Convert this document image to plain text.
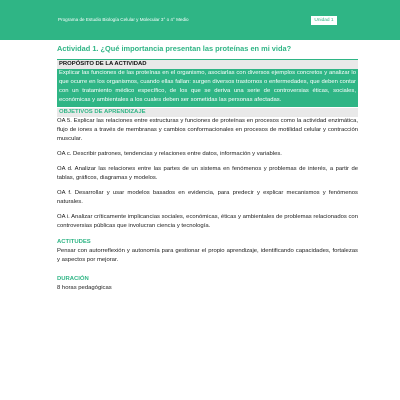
Programa de Estudio Biología Celular y Molecular 3° o 4° Medio	Unidad 1
Actividad 1. ¿Qué importancia presentan las proteínas en mi vida?
PROPÓSITO DE LA ACTIVIDAD
Explicar las funciones de las proteínas en el organismo, asociarlas con diversos ejemplos concretos y analizar lo que ocurre en los organismos, cuando ellas fallan: surgen diversos trastornos o enfermedades, que deben contar con un tratamiento médico específico, de los que se deriva una serie de controversias éticas, sociales, económicas y ambientales a los cuales deben ser sometidas las personas afectadas.
OBJETIVOS DE APRENDIZAJE

OA 5. Explicar las relaciones entre estructuras y funciones de proteínas en procesos como la actividad enzimática, flujo de iones a través de membranas y cambios conformacionales en procesos de motilidad celular y contracción muscular.

OA c. Describir patrones, tendencias y relaciones entre datos, información y variables.

OA d. Analizar las relaciones entre las partes de un sistema en fenómenos y problemas de interés, a partir de tablas, gráficos, diagramas y modelos.

OA f. Desarrollar y usar modelos basados en evidencia, para predecir y explicar mecanismos y fenómenos naturales.

OA i. Analizar críticamente implicancias sociales, económicas, éticas y ambientales de problemas relacionados con controversias públicas que involucran ciencia y tecnología.

ACTITUDES

Pensar con autorreflexión y autonomía para gestionar el propio aprendizaje, identificando capacidades, fortalezas y aspectos por mejorar.

DURACIÓN

8 horas pedagógicas
